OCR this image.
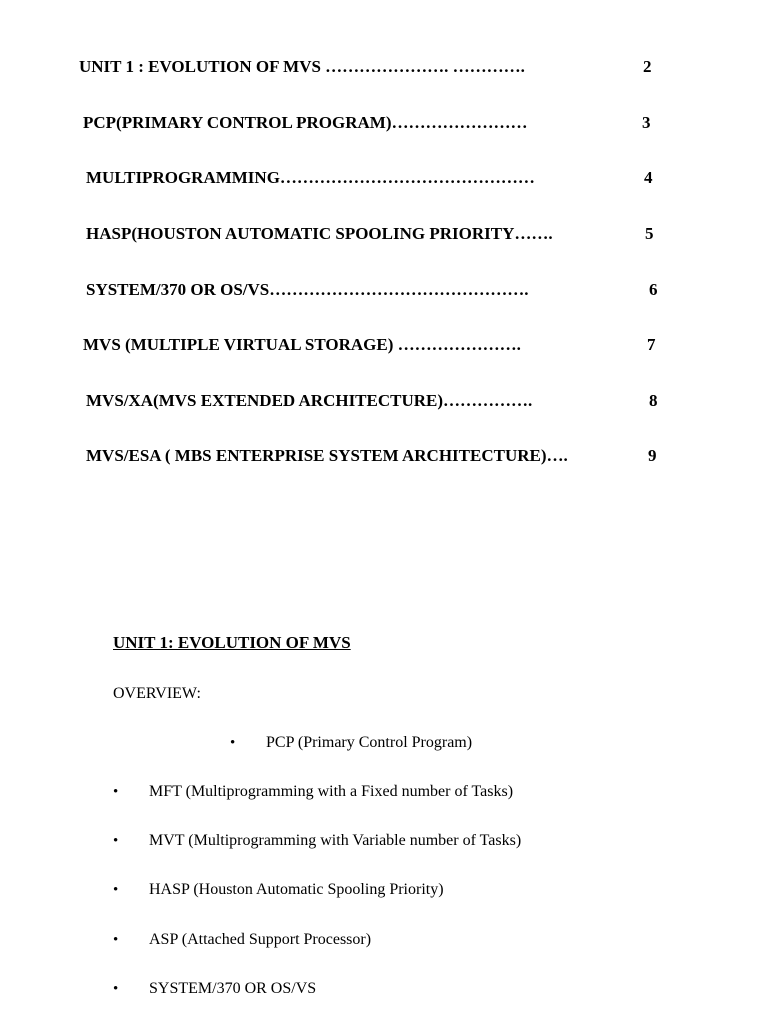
UNIT 1 : EVOLUTION OF MVS …………………. ………….	2
PCP(PRIMARY CONTROL PROGRAM)……………………	3
MULTIPROGRAMMING………………………………………	4
HASP(HOUSTON AUTOMATIC SPOOLING PRIORITY…….	5
SYSTEM/370 OR OS/VS……………………………………….	6
MVS (MULTIPLE VIRTUAL STORAGE) ………………….	7
MVS/XA(MVS EXTENDED ARCHITECTURE)…………….	8
MVS/ESA ( MBS ENTERPRISE SYSTEM ARCHITECTURE)….	9
UNIT 1: EVOLUTION OF MVS
OVERVIEW:
• PCP (Primary Control Program)
• MFT (Multiprogramming with a Fixed number of Tasks)
• MVT (Multiprogramming with Variable number of Tasks)
• HASP (Houston Automatic Spooling Priority)
• ASP (Attached Support Processor)
• SYSTEM/370 OR OS/VS
